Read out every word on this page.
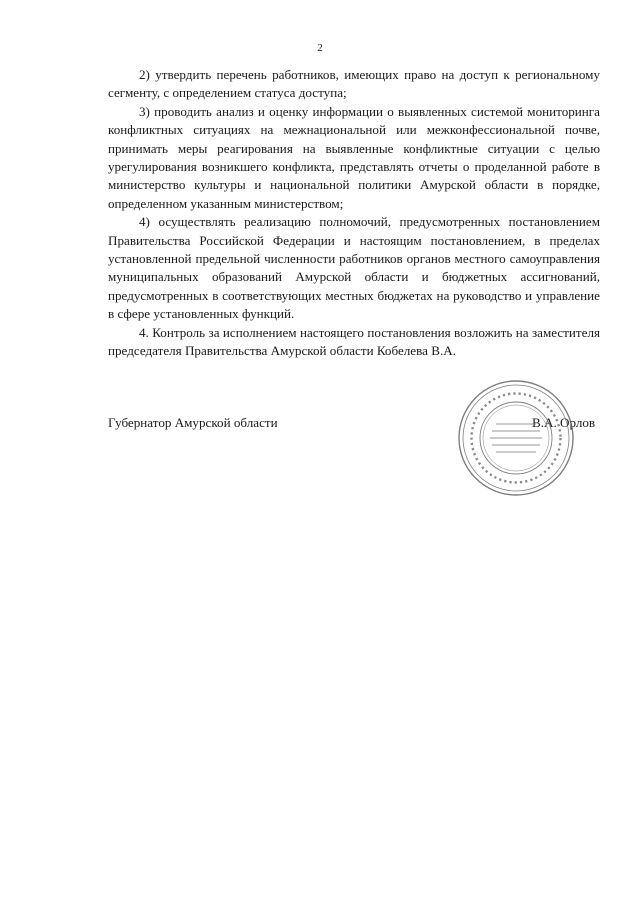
2

2) утвердить перечень работников, имеющих право на доступ к региональному сегменту, с определением статуса доступа;

3) проводить анализ и оценку информации о выявленных системой мониторинга конфликтных ситуациях на межнациональной или межконфессиональной почве, принимать меры реагирования на выявленные конфликтные ситуации с целью урегулирования возникшего конфликта, представлять отчеты о проделанной работе в министерство культуры и национальной политики Амурской области в порядке, определенном указанным министерством;

4) осуществлять реализацию полномочий, предусмотренных постановлением Правительства Российской Федерации и настоящим постановлением, в пределах установленной предельной численности работников органов местного самоуправления муниципальных образований Амурской области и бюджетных ассигнований, предусмотренных в соответствующих местных бюджетах на руководство и управление в сфере установленных функций.

4. Контроль за исполнением настоящего постановления возложить на заместителя председателя Правительства Амурской области Кобелева В.А.

Губернатор Амурской области	В.А. Орлов
